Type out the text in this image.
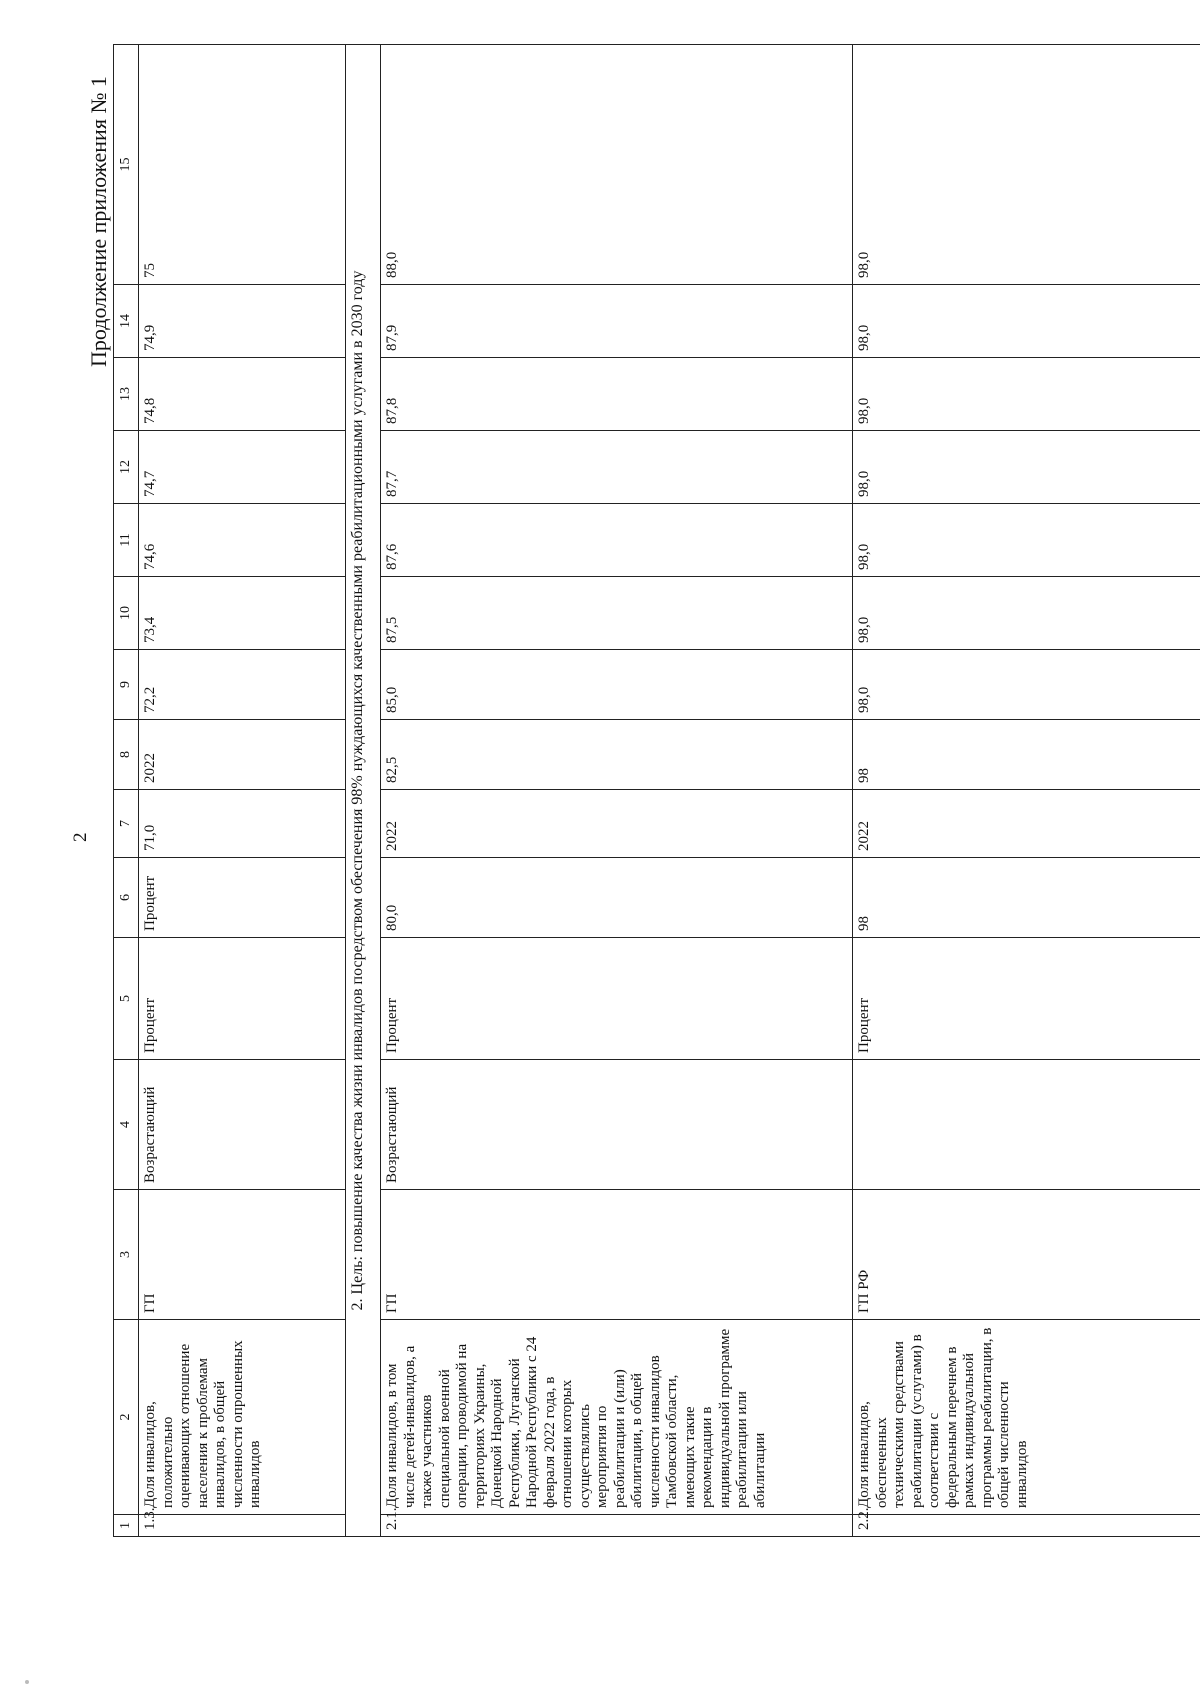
2
Продолжение приложения № 1
1	2	3	4	5	6	7	8	9	10	11	12	13	14	15
1.3.	Доля инвалидов, положительно оценивающих отношение населения к проблемам инвалидов, в общей численности опрошенных инвалидов	ГП	Возрастающий	Процент	Процент	71,0	2022	72,2	73,4	74,6	74,7	74,8	74,9	75
2. Цель: повышение качества жизни инвалидов посредством обеспечения 98% нуждающихся качественными реабилитационными услугами в 2030 году														
2.1.	Доля инвалидов, в том числе детей-инвалидов, а также участников специальной военной операции, проводимой на территориях Украины, Донецкой Народной Республики, Луганской Народной Республики с 24 февраля 2022 года, в отношении которых осуществлялись мероприятия по реабилитации и (или) абилитации, в общей численности инвалидов Тамбовской области, имеющих такие рекомендации в индивидуальной программе реабилитации или абилитации	ГП	Возрастающий	Процент	80,0	2022	82,5	85,0	87,5	87,6	87,7	87,8	87,9	88,0
2.2.	Доля инвалидов, обеспеченных техническими средствами реабилитации (услугами) в соответствии с федеральным перечнем в рамках индивидуальной программы реабилитации, в общей численности инвалидов	ГП РФ		Процент	98	2022	98	98,0	98,0	98,0	98,0	98,0	98,0	98,0
